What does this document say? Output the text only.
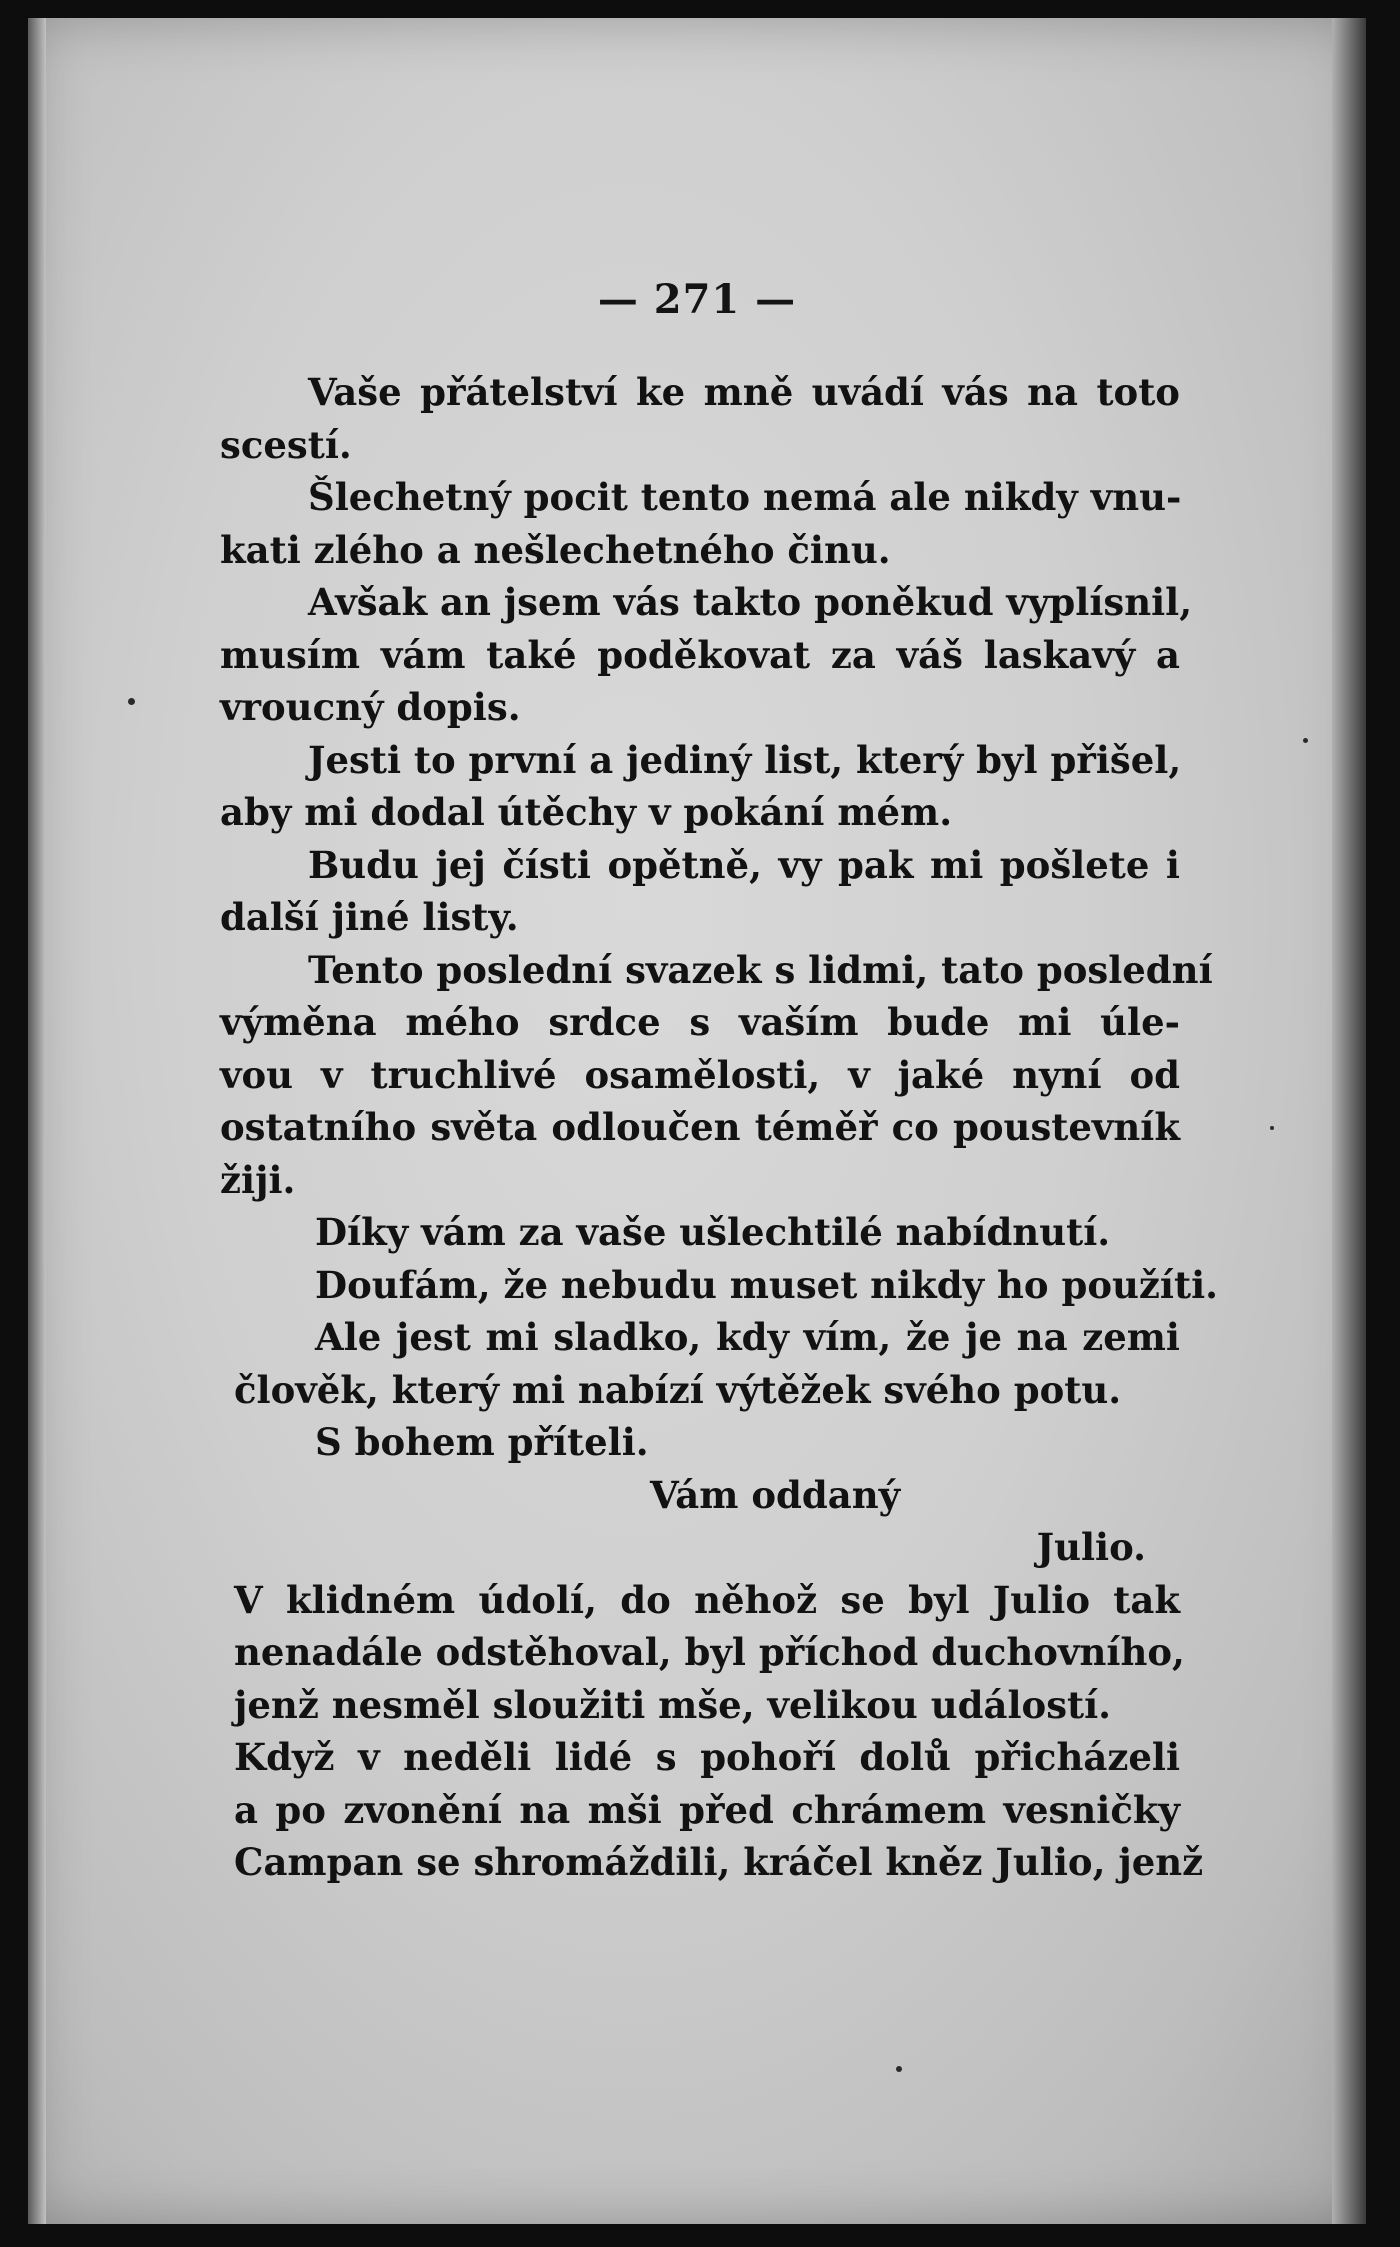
— 271 —
Vaše přátelství ke mně uvádí vás na toto
scestí.
Šlechetný pocit tento nemá ale nikdy vnu-
kati zlého a nešlechetného činu.
Avšak an jsem vás takto poněkud vyplísnil,
musím vám také poděkovat za váš laskavý a
vroucný dopis.
Jesti to první a jediný list, který byl přišel,
aby mi dodal útěchy v pokání mém.
Budu jej čísti opětně, vy pak mi pošlete i
další jiné listy.
Tento poslední svazek s lidmi, tato poslední
výměna mého srdce s vaším bude mi úle-
vou v truchlivé osamělosti, v jaké nyní od
ostatního světa odloučen téměř co poustevník
žiji.
Díky vám za vaše ušlechtilé nabídnutí.
Doufám, že nebudu muset nikdy ho použíti.
Ale jest mi sladko, kdy vím, že je na zemi
člověk, který mi nabízí výtěžek svého potu.
S bohem příteli.
Vám oddaný
Julio.
V klidném údolí, do něhož se byl Julio tak
nenadále odstěhoval, byl příchod duchovního,
jenž nesměl sloužiti mše, velikou událostí.
Když v neděli lidé s pohoří dolů přicházeli
a po zvonění na mši před chrámem vesničky
Campan se shromáždili, kráčel kněz Julio, jenž
